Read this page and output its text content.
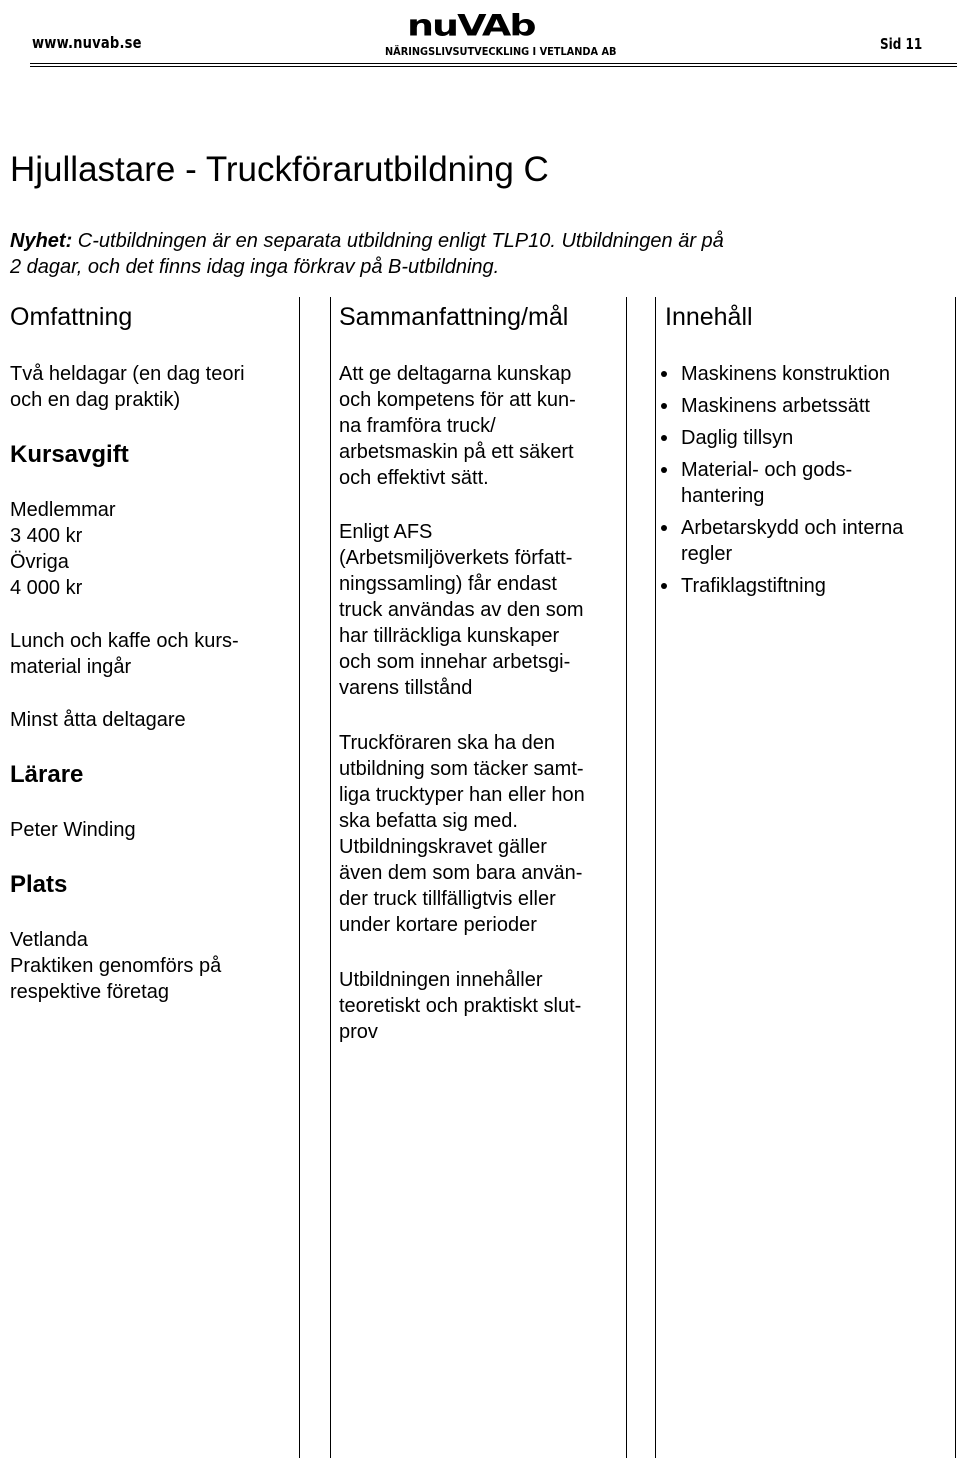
www.nuvab.se
nuVAb
NÄRINGSLIVSUTVECKLING I VETLANDA AB	Sid 11
Hjullastare - Truckförarutbildning C
Nyhet: C-utbildningen är en separata utbildning enligt TLP10. Utbildningen är på
2 dagar, och det finns idag inga förkrav på B-utbildning.
Omfattning
Två heldagar (en dag teori
och en dag praktik)
Kursavgift
Medlemmar
3 400 kr
Övriga
4 000 kr
Lunch och kaffe och kurs-
material ingår
Minst åtta deltagare
Lärare
Peter Winding
Plats
Vetlanda
Praktiken genomförs på
respektive företag
Sammanfattning/mål
Att ge deltagarna kunskap
och kompetens för att kun-
na framföra truck/
arbetsmaskin på ett säkert
och effektivt sätt.
Enligt AFS
(Arbetsmiljöverkets författ-
ningssamling) får endast
truck användas av den som
har tillräckliga kunskaper
och som innehar arbetsgi-
varens tillstånd
Truckföraren ska ha den
utbildning som täcker samt-
liga trucktyper han eller hon
ska befatta sig med.
Utbildningskravet gäller
även dem som bara använ-
der truck tillfälligtvis eller
under kortare perioder
Utbildningen innehåller
teoretiskt och praktiskt slut-
prov
Innehåll
Maskinens konstruktion
Maskinens arbetssätt
Daglig tillsyn
Material- och gods-
hantering
Arbetarskydd och interna
regler
Trafiklagstiftning
